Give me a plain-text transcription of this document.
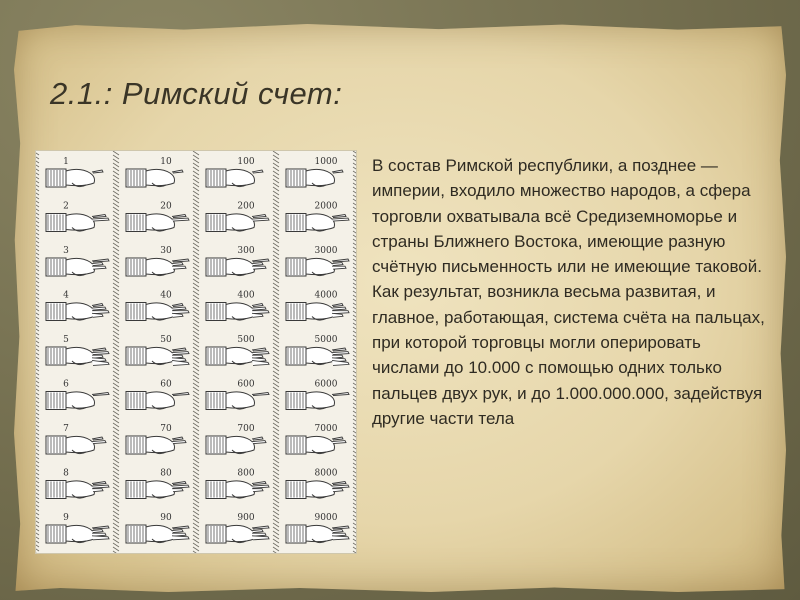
2.1.: Римский счет:
1
2
3
4
5
6
7
8
9
10
20
30
40
50
60
70
80
90
100
200
300
400
500
600
700
800
900
1000
2000
3000
4000
5000
6000
7000
8000
9000
В состав Римской республики, а позднее — империи, входило множество народов, а сфера торговли охватывала всё Средиземноморье и страны Ближнего Востока, имеющие разную счётную письменность или не имеющие таковой. Как результат, возникла весьма развитая, и главное, работающая, система счёта на пальцах, при которой торговцы могли оперировать числами до 10.000 с помощью одних только пальцев двух рук, и до 1.000.000.000, задействуя другие части тела
